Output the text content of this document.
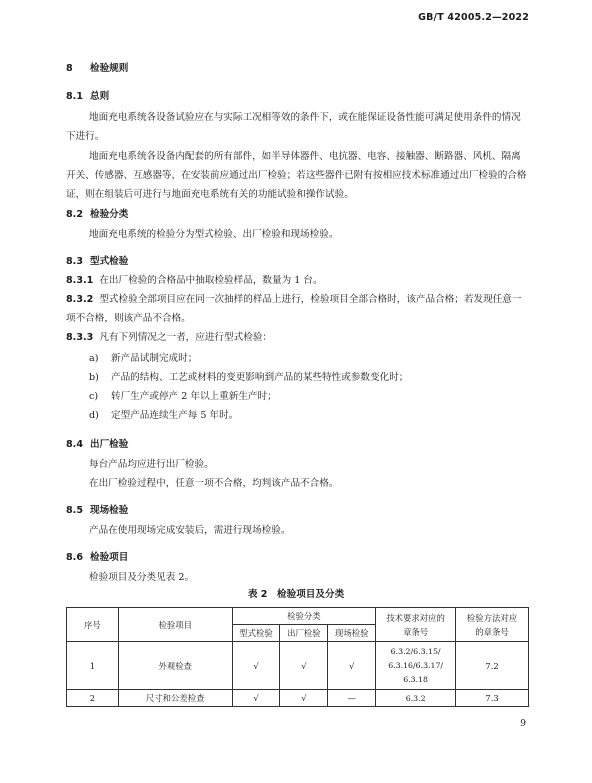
GB/T 42005.2—2022
8 检验规则
8.1 总则
地面充电系统各设备试验应在与实际工况相等效的条件下，或在能保证设备性能可满足使用条件的情况下进行。
地面充电系统各设备内配套的所有部件，如半导体器件、电抗器、电容、接触器、断路器、风机、隔离开关、传感器、互感器等，在安装前应通过出厂检验；若这些器件已附有按相应技术标准通过出厂检验的合格证，则在组装后可进行与地面充电系统有关的功能试验和操作试验。
8.2 检验分类
地面充电系统的检验分为型式检验、出厂检验和现场检验。
8.3 型式检验
8.3.1 在出厂检验的合格品中抽取检验样品，数量为 1 台。
8.3.2 型式检验全部项目应在同一次抽样的样品上进行，检验项目全部合格时，该产品合格；若发现任意一项不合格，则该产品不合格。
8.3.3 凡有下列情况之一者，应进行型式检验：
a) 新产品试制完成时；
b) 产品的结构、工艺或材料的变更影响到产品的某些特性或参数变化时；
c) 转厂生产或停产 2 年以上重新生产时；
d) 定型产品连续生产每 5 年时。
8.4 出厂检验
每台产品均应进行出厂检验。
在出厂检验过程中，任意一项不合格，均判该产品不合格。
8.5 现场检验
产品在使用现场完成安装后，需进行现场检验。
8.6 检验项目
检验项目及分类见表 2。
表 2　检验项目及分类
序号	检验项目	检验分类			技术要求对应的章条号	检验方法对应的章条号
		型式检验	出厂检验	现场检验		
1	外观检查	√	√	√	6.3.2/6.3.15/
6.3.16/6.3.17/
6.3.18	7.2
2	尺寸和公差检查	√	√	—	6.3.2	7.3
9
